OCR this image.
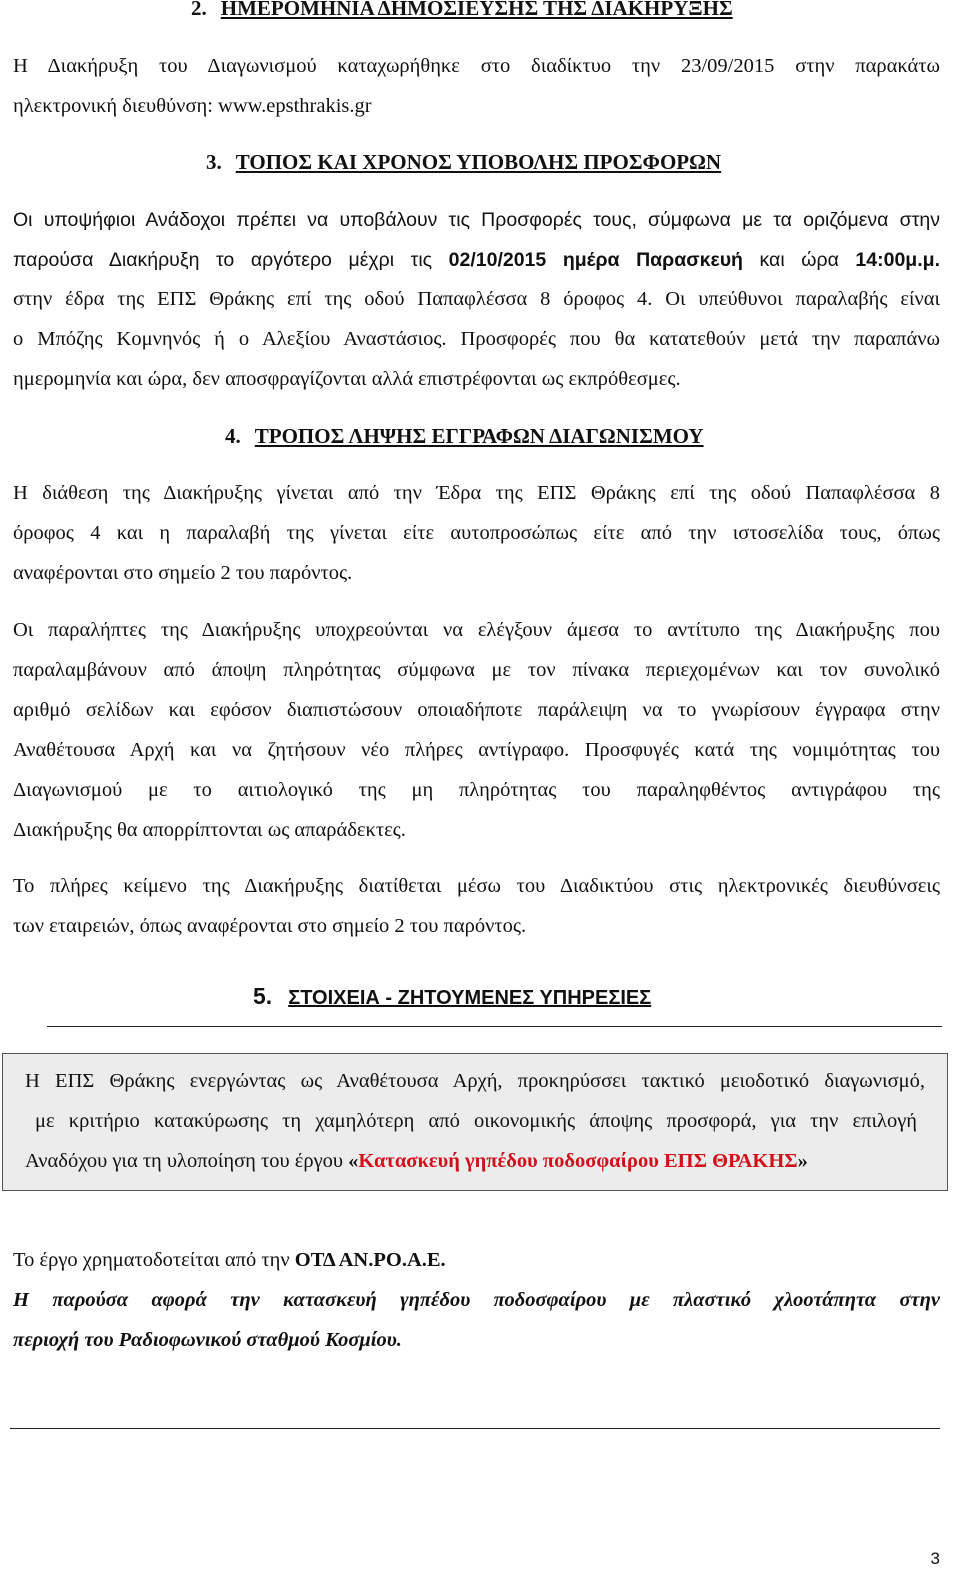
2. ΗΜΕΡΟΜΗΝΙΑ ΔΗΜΟΣΙΕΥΣΗΣ ΤΗΣ ΔΙΑΚΗΡΥΞΗΣ
Η Διακήρυξη του Διαγωνισμού καταχωρήθηκε στο διαδίκτυο την 23/09/2015 στην παρακάτω
ηλεκτρονική διευθύνση: www.epsthrakis.gr
3. ΤΟΠΟΣ ΚΑΙ ΧΡΟΝΟΣ ΥΠΟΒΟΛΗΣ ΠΡΟΣΦΟΡΩΝ
Οι υποψήφιοι Ανάδοχοι πρέπει να υποβάλουν τις Προσφορές τους, σύμφωνα με τα οριζόμενα στην
παρούσα Διακήρυξη το αργότερο μέχρι τις 02/10/2015 ημέρα Παρασκευή και ώρα 14:00μ.μ.
στην έδρα της ΕΠΣ Θράκης επί της οδού Παπαφλέσσα 8 όροφος 4. Οι υπεύθυνοι παραλαβής είναι
ο Μπόζης Κομνηνός ή ο Αλεξίου Αναστάσιος. Προσφορές που θα κατατεθούν μετά την παραπάνω
ημερομηνία και ώρα, δεν αποσφραγίζονται αλλά επιστρέφονται ως εκπρόθεσμες.
4. ΤΡΟΠΟΣ ΛΗΨΗΣ ΕΓΓΡΑΦΩΝ ΔΙΑΓΩΝΙΣΜΟΥ
Η διάθεση της Διακήρυξης γίνεται από την Έδρα της ΕΠΣ Θράκης επί της οδού Παπαφλέσσα 8
όροφος 4 και η παραλαβή της γίνεται είτε αυτοπροσώπως είτε από την ιστοσελίδα τους, όπως
αναφέρονται στο σημείο 2 του παρόντος.
Οι παραλήπτες της Διακήρυξης υποχρεούνται να ελέγξουν άμεσα το αντίτυπο της Διακήρυξης που
παραλαμβάνουν από άποψη πληρότητας σύμφωνα με τον πίνακα περιεχομένων και τον συνολικό
αριθμό σελίδων και εφόσον διαπιστώσουν οποιαδήποτε παράλειψη να το γνωρίσουν έγγραφα στην
Αναθέτουσα Αρχή και να ζητήσουν νέο πλήρες αντίγραφο. Προσφυγές κατά της νομιμότητας του
Διαγωνισμού με το αιτιολογικό της μη πληρότητας του παραληφθέντος αντιγράφου της
Διακήρυξης θα απορρίπτονται ως απαράδεκτες.
Το πλήρες κείμενο της Διακήρυξης διατίθεται μέσω του Διαδικτύου στις ηλεκτρονικές διευθύνσεις
των εταιρειών, όπως αναφέρονται στο σημείο 2 του παρόντος.
5. ΣΤΟΙΧΕΙΑ - ΖΗΤΟΥΜΕΝΕΣ ΥΠΗΡΕΣΙΕΣ
Η ΕΠΣ Θράκης ενεργώντας ως Αναθέτουσα Αρχή, προκηρύσσει τακτικό μειοδοτικό διαγωνισμό,
με κριτήριο κατακύρωσης τη χαμηλότερη από οικονομικής άποψης προσφορά, για την επιλογή
Αναδόχου για τη υλοποίηση του έργου «Κατασκευή γηπέδου ποδοσφαίρου ΕΠΣ ΘΡΑΚΗΣ»
Το έργο χρηματοδοτείται από την ΟΤΔ ΑΝ.ΡΟ.Α.Ε.
Η παρούσα αφορά την κατασκευή γηπέδου ποδοσφαίρου με πλαστικό χλοοτάπητα στην
περιοχή του Ραδιοφωνικού σταθμού Κοσμίου.
3
